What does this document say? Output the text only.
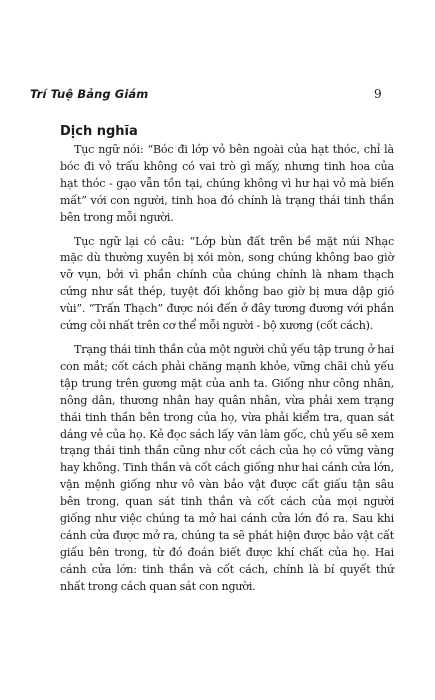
Trí Tuệ Bảng Giám	9
Dịch nghĩa

Tục ngữ nói: “Bóc đi lớp vỏ bên ngoài của hạt thóc, chỉ là bóc đi vỏ trấu không có vai trò gì mấy, nhưng tinh hoa của hạt thóc - gạo vẫn tồn tại, chúng không vì hư hại vỏ mà biến mất” với con người, tinh hoa đó chính là trạng thái tinh thần bên trong mỗi người.

Tục ngữ lại có câu: “Lớp bùn đất trên bề mặt núi Nhạc mặc dù thường xuyên bị xói mòn, song chúng không bao giờ vỡ vụn, bởi vì phần chính của chúng chính là nham thạch cứng như sắt thép, tuyệt đối không bao giờ bị mưa dập gió vùi”. “Trấn Thạch” được nói đến ở đây tương đương với phần cứng cỏi nhất trên cơ thể mỗi người - bộ xương (cốt cách).

Trạng thái tinh thần của một người chủ yếu tập trung ở hai con mắt; cốt cách phải chăng mạnh khỏe, vững chãi chủ yếu tập trung trên gương mặt của anh ta. Giống như công nhân, nông dân, thương nhân hay quân nhân, vừa phải xem trạng thái tinh thần bên trong của họ, vừa phải kiểm tra, quan sát dáng vẻ của họ. Kẻ đọc sách lấy văn làm gốc, chủ yếu sẽ xem trạng thái tinh thần cũng như cốt cách của họ có vững vàng hay không. Tinh thần và cốt cách giống như hai cánh cửa lớn, vận mệnh giống như vô vàn bảo vật được cất giấu tận sâu bên trong, quan sát tinh thần và cốt cách của mọi người giống như việc chúng ta mở hai cánh cửa lớn đó ra. Sau khi cánh cửa được mở ra, chúng ta sẽ phát hiện được bảo vật cất giấu bên trong, từ đó đoán biết được khí chất của họ. Hai cánh cửa lớn: tinh thần và cốt cách, chính là bí quyết thứ nhất trong cách quan sát con người.
